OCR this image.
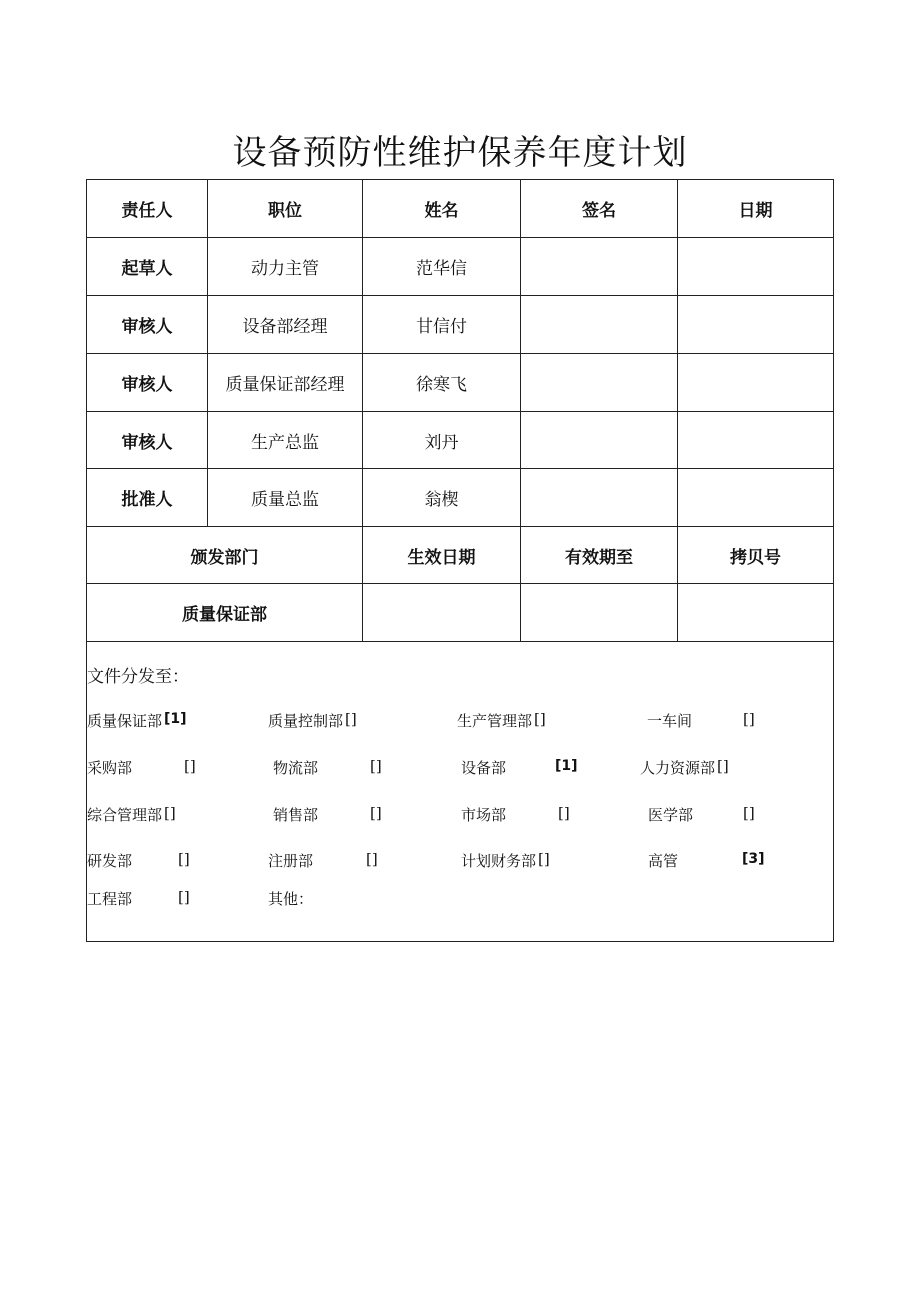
设备预防性维护保养年度计划
责任人	职位	姓名	签名	日期
起草人	动力主管	范华信
审核人	设备部经理	甘信付
审核人	质量保证部经理	徐寒飞
审核人	生产总监	刘丹
批准人	质量总监	翁楔
颁发部门	生效日期	有效期至	拷贝号
质量保证部
文件分发至：
质量保证部 [1]	质量控制部 []	生产管理部 []	一车间	[]
采购部	[]	物流部	[]	设备部	[1]	人力资源部 []
综合管理部 []	销售部	[]	市场部	[]	医学部	[]
研发部	[]	注册部	[]	计划财务部 []	高管	[3]
工程部	[]	其他：
